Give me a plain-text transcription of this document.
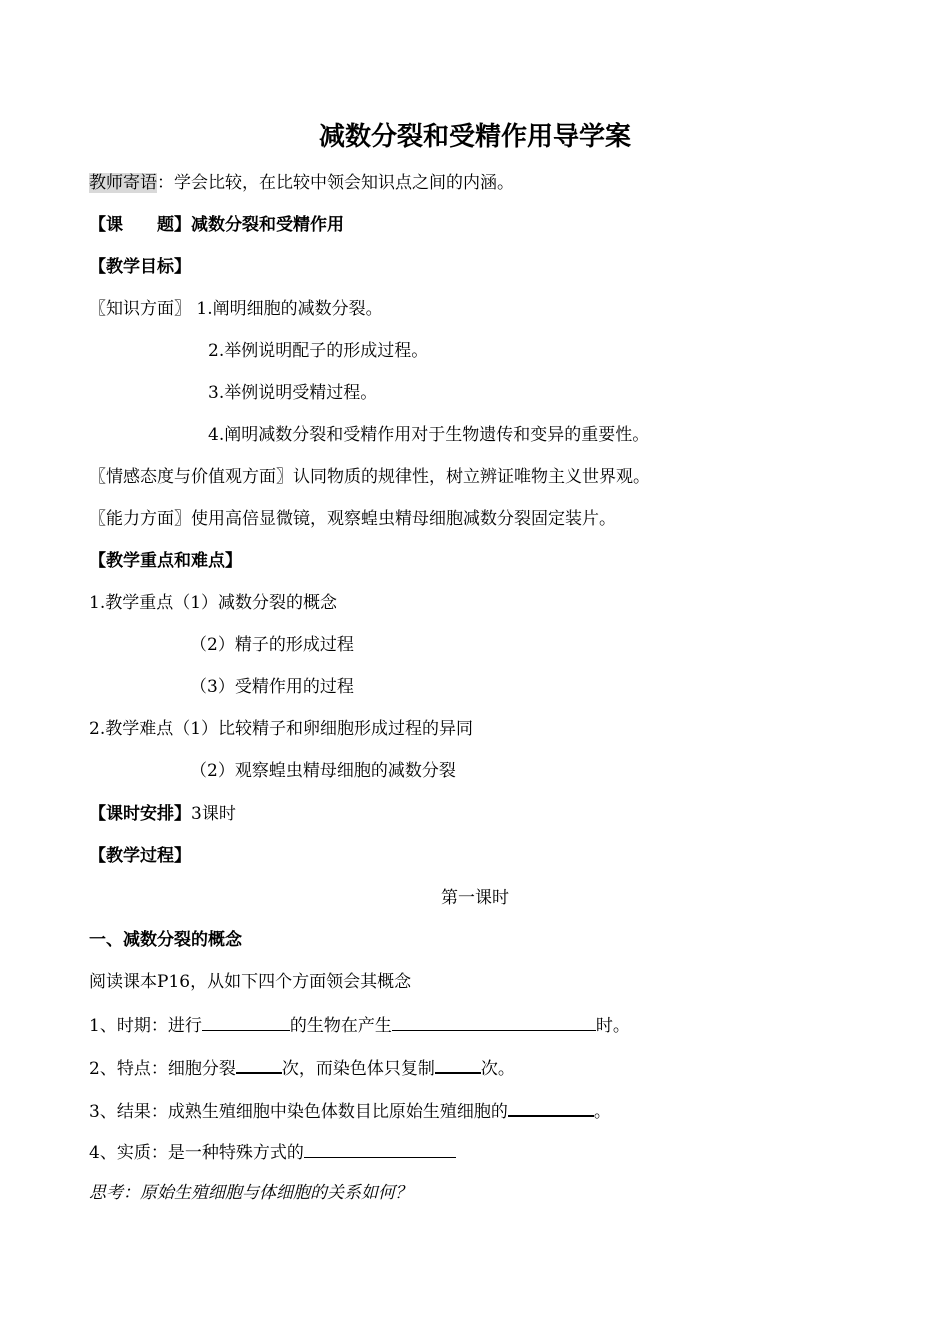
减数分裂和受精作用导学案
教师寄语：学会比较，在比较中领会知识点之间的内涵。
【课　　题】减数分裂和受精作用
【教学目标】
〖知识方面〗 1.阐明细胞的减数分裂。
2.举例说明配子的形成过程。
3.举例说明受精过程。
4.阐明减数分裂和受精作用对于生物遗传和变异的重要性。
〖情感态度与价值观方面〗认同物质的规律性，树立辨证唯物主义世界观。
〖能力方面〗使用高倍显微镜，观察蝗虫精母细胞减数分裂固定装片。
【教学重点和难点】
1.教学重点（1）减数分裂的概念
（2）精子的形成过程
（3）受精作用的过程
2.教学难点（1）比较精子和卵细胞形成过程的异同
（2）观察蝗虫精母细胞的减数分裂
【课时安排】3课时
【教学过程】
第一课时
一、减数分裂的概念
阅读课本P16，从如下四个方面领会其概念
1、时期：进行	的生物在产生	时。
2、特点：细胞分裂	次，而染色体只复制	次。
3、结果：成熟生殖细胞中染色体数目比原始生殖细胞的	。
4、实质：是一种特殊方式的
思考：原始生殖细胞与体细胞的关系如何？
